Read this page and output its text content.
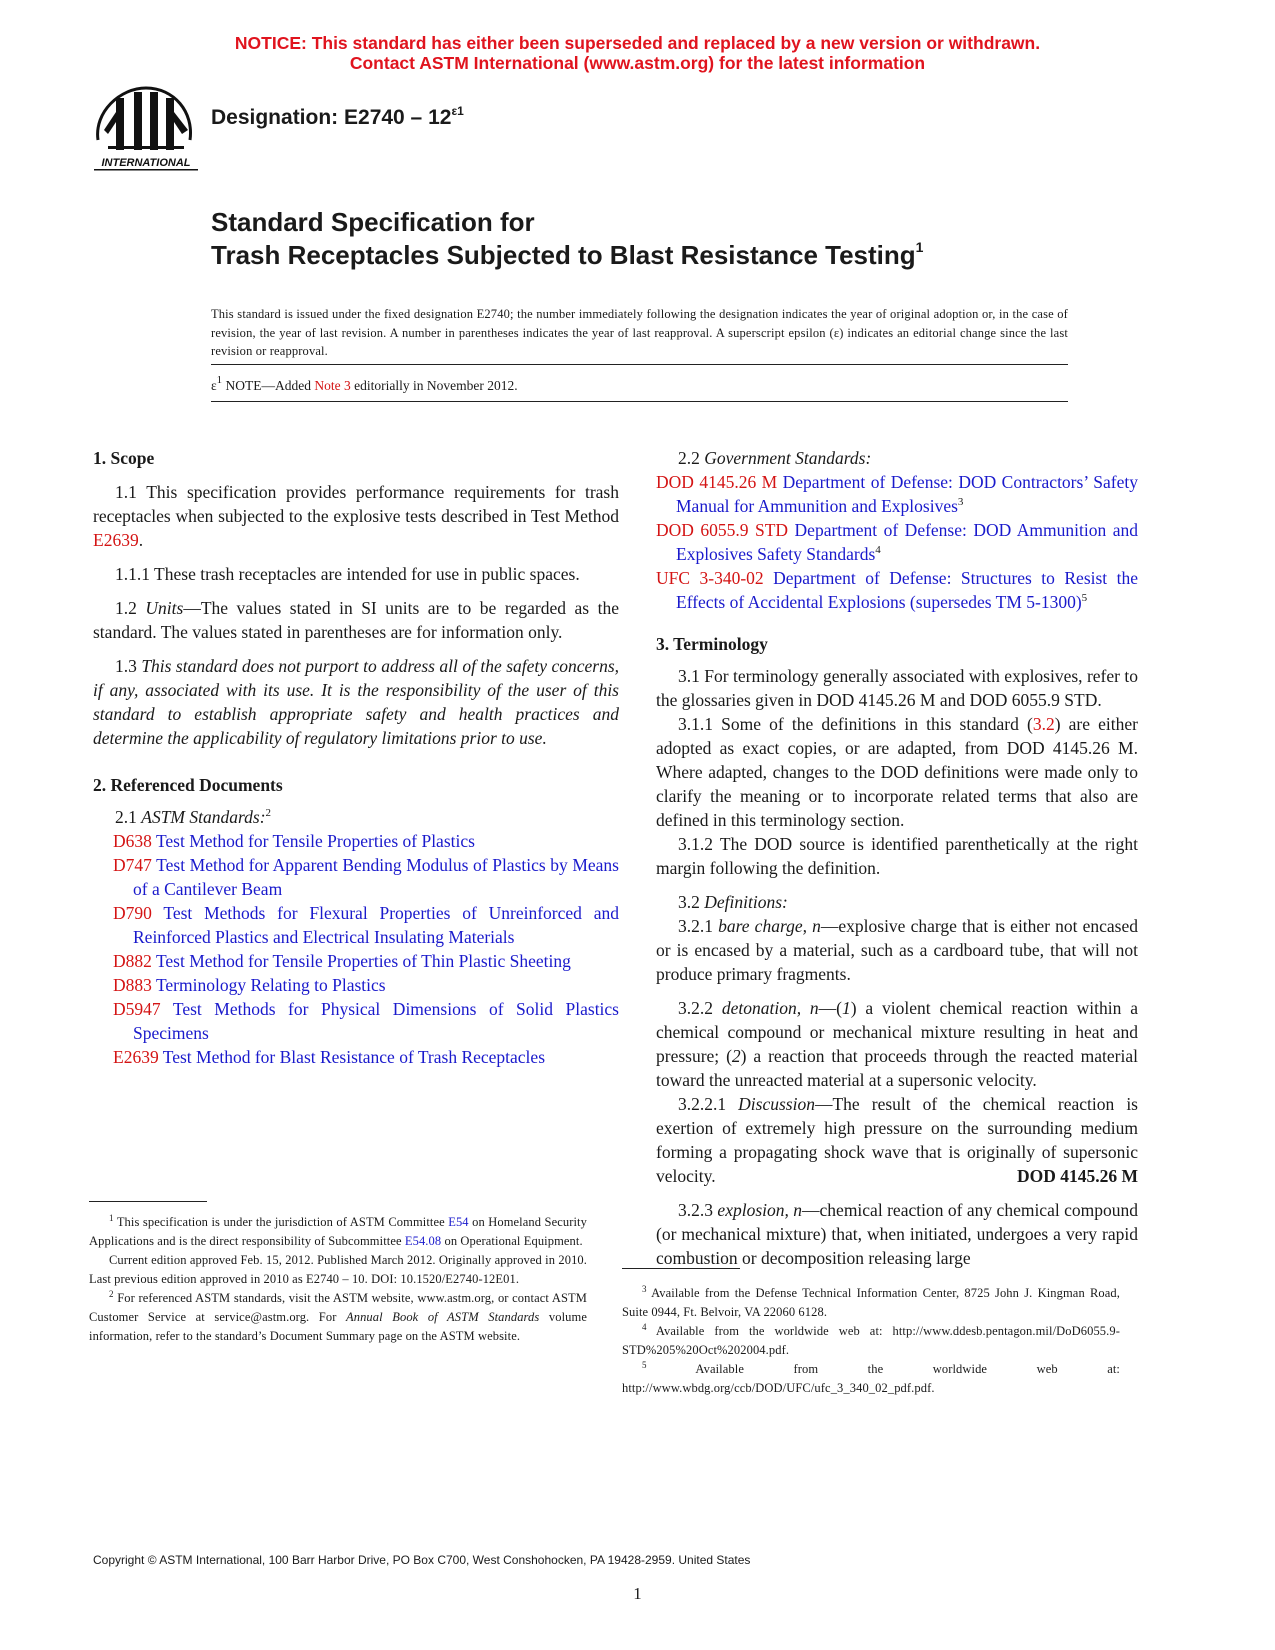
NOTICE: This standard has either been superseded and replaced by a new version or withdrawn.
Contact ASTM International (www.astm.org) for the latest information
INTERNATIONAL
Designation: $E2740 - 12^{\varepsilon 1}$
Standard Specification for
Trash Receptacles Subjected to Blast Resistance Testing$^1$
This standard is issued under the fixed designation E2740; the number immediately following the designation indicates the year of original adoption or, in the case of revision, the year of last revision. A number in parentheses indicates the year of last reapproval. A superscript epsilon (ε) indicates an editorial change since the last revision or reapproval.
$\varepsilon^1$ NOTE—Added Note 3 editorially in November 2012.

1. Scope

1.1 This specification provides performance requirements for trash receptacles when subjected to the explosive tests described in Test Method E2639.

1.1.1 These trash receptacles are intended for use in public spaces.

1.2 Units—The values stated in SI units are to be regarded as the standard. The values stated in parentheses are for information only.

1.3 This standard does not purport to address all of the safety concerns, if any, associated with its use. It is the responsibility of the user of this standard to establish appropriate safety and health practices and determine the applicability of regulatory limitations prior to use.

2. Referenced Documents

2.1 ASTM Standards:$^2$

D638 Test Method for Tensile Properties of Plastics

D747 Test Method for Apparent Bending Modulus of Plastics by Means of a Cantilever Beam

D790 Test Methods for Flexural Properties of Unreinforced and Reinforced Plastics and Electrical Insulating Materials

D882 Test Method for Tensile Properties of Thin Plastic Sheeting

D883 Terminology Relating to Plastics

D5947 Test Methods for Physical Dimensions of Solid Plastics Specimens

E2639 Test Method for Blast Resistance of Trash Receptacles

2.2 Government Standards:

DOD 4145.26 M Department of Defense: DOD Contractors’ Safety Manual for Ammunition and Explosives$^3$

DOD 6055.9 STD Department of Defense: DOD Ammunition and Explosives Safety Standards$^4$

UFC 3-340-02 Department of Defense: Structures to Resist the Effects of Accidental Explosions (supersedes TM 5-1300)$^5$

3. Terminology

3.1 For terminology generally associated with explosives, refer to the glossaries given in DOD 4145.26 M and DOD 6055.9 STD.

3.1.1 Some of the definitions in this standard (3.2) are either adopted as exact copies, or are adapted, from DOD 4145.26 M. Where adapted, changes to the DOD definitions were made only to clarify the meaning or to incorporate related terms that also are defined in this terminology section.

3.1.2 The DOD source is identified parenthetically at the right margin following the definition.

3.2 Definitions:

3.2.1 bare charge, n—explosive charge that is either not encased or is encased by a material, such as a cardboard tube, that will not produce primary fragments.

3.2.2 detonation, n—(1) a violent chemical reaction within a chemical compound or mechanical mixture resulting in heat and pressure; (2) a reaction that proceeds through the reacted material toward the unreacted material at a supersonic velocity.

3.2.2.1 Discussion—The result of the chemical reaction is exertion of extremely high pressure on the surrounding medium forming a propagating shock wave that is originally of supersonic velocity.	DOD 4145.26 M

3.2.3 explosion, n—chemical reaction of any chemical compound (or mechanical mixture) that, when initiated, undergoes a very rapid combustion or decomposition releasing large

$^1$ This specification is under the jurisdiction of ASTM Committee E54 on Homeland Security Applications and is the direct responsibility of Subcommittee E54.08 on Operational Equipment.

Current edition approved Feb. 15, 2012. Published March 2012. Originally approved in 2010. Last previous edition approved in 2010 as E2740 – 10. DOI: 10.1520/E2740-12E01.

$^2$ For referenced ASTM standards, visit the ASTM website, www.astm.org, or contact ASTM Customer Service at service@astm.org. For Annual Book of ASTM Standards volume information, refer to the standard’s Document Summary page on the ASTM website.

$^3$ Available from the Defense Technical Information Center, 8725 John J. Kingman Road, Suite 0944, Ft. Belvoir, VA 22060 6128.

$^4$ Available from the worldwide web at: http://www.ddesb.pentagon.mil/DoD6055.9-STD%205%20Oct%202004.pdf.

$^5$ Available from the worldwide web at: http://www.wbdg.org/ccb/DOD/UFC/ufc_3_340_02_pdf.pdf.

Copyright © ASTM International, 100 Barr Harbor Drive, PO Box C700, West Conshohocken, PA 19428-2959. United States
1
